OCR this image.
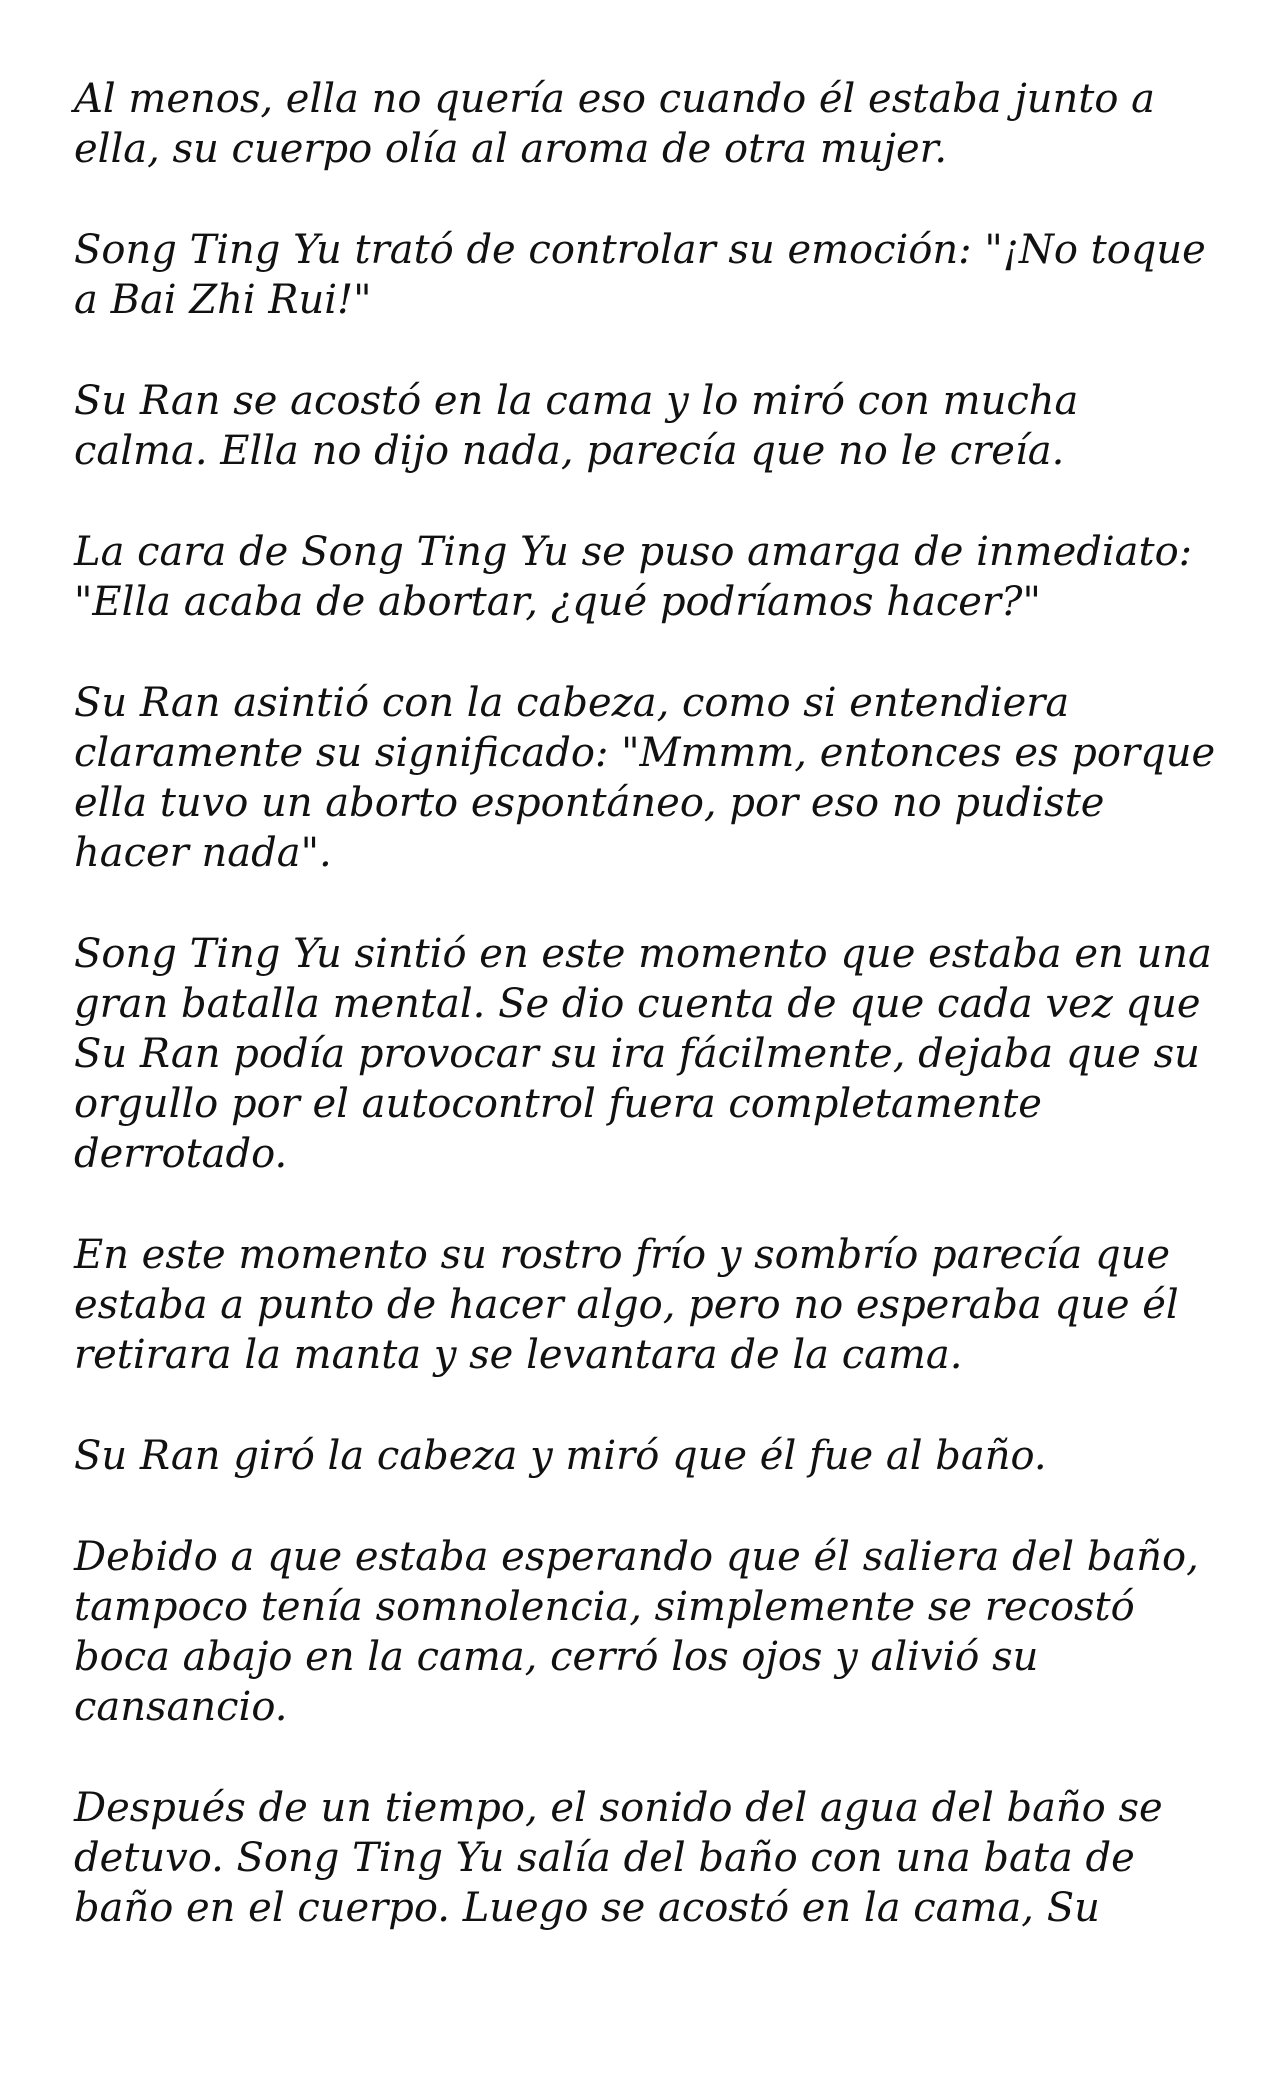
Al menos, ella no quería eso cuando él estaba junto a ella, su cuerpo olía al aroma de otra mujer.

Song Ting Yu trató de controlar su emoción: "¡No toque a Bai Zhi Rui!"

Su Ran se acostó en la cama y lo miró con mucha calma. Ella no dijo nada, parecía que no le creía.

La cara de Song Ting Yu se puso amarga de inmediato: "Ella acaba de abortar, ¿qué podríamos hacer?"

Su Ran asintió con la cabeza, como si entendiera claramente su significado: "Mmmm, entonces es porque ella tuvo un aborto espontáneo, por eso no pudiste hacer nada".

Song Ting Yu sintió en este momento que estaba en una gran batalla mental. Se dio cuenta de que cada vez que Su Ran podía provocar su ira fácilmente, dejaba que su orgullo por el autocontrol fuera completamente derrotado.

En este momento su rostro frío y sombrío parecía que estaba a punto de hacer algo, pero no esperaba que él retirara la manta y se levantara de la cama.

Su Ran giró la cabeza y miró que él fue al baño.

Debido a que estaba esperando que él saliera del baño, tampoco tenía somnolencia, simplemente se recostó boca abajo en la cama, cerró los ojos y alivió su cansancio.

Después de un tiempo, el sonido del agua del baño se detuvo. Song Ting Yu salía del baño con una bata de baño en el cuerpo. Luego se acostó en la cama, Su
